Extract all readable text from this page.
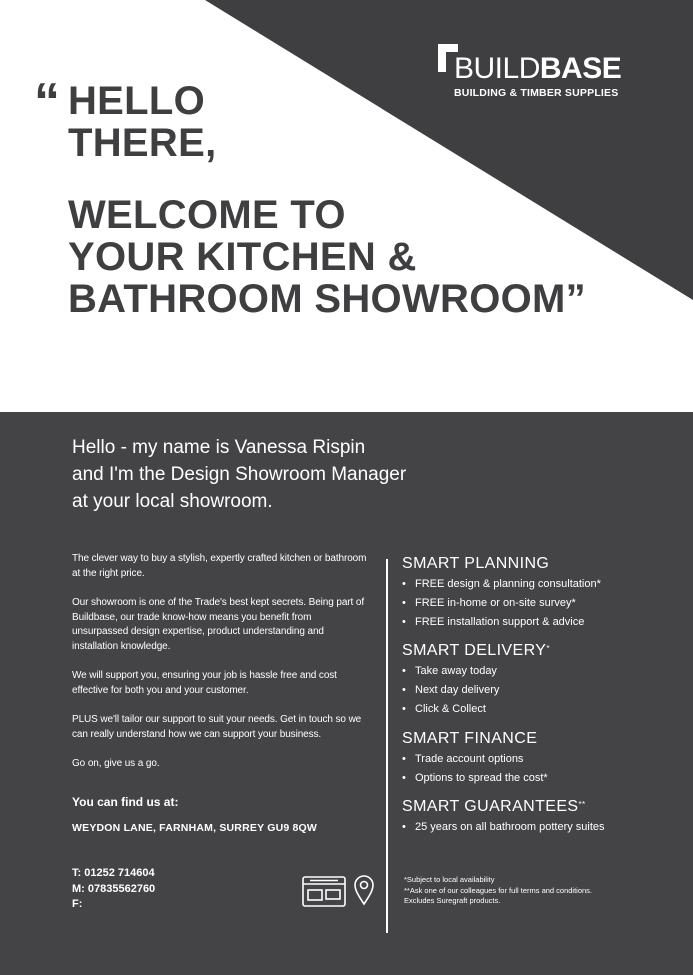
BUILDBASE
BUILDING & TIMBER SUPPLIES
“ HELLO
THERE,
WELCOME TO
YOUR KITCHEN &
BATHROOM SHOWROOM”
Hello - my name is Vanessa Rispin
and I'm the Design Showroom Manager
at your local showroom.

The clever way to buy a stylish, expertly crafted kitchen or bathroom at the right price.

Our showroom is one of the Trade's best kept secrets. Being part of Buildbase, our trade know-how means you benefit from unsurpassed design expertise, product understanding and installation knowledge.

We will support you, ensuring your job is hassle free and cost effective for both you and your customer.

PLUS we'll tailor our support to suit your needs. Get in touch so we can really understand how we can support your business.

Go on, give us a go.

You can find us at:
WEYDON LANE, FARNHAM, SURREY GU9 8QW
T: 01252 714604
M: 07835562760
F:
SMART PLANNING
• FREE design & planning consultation*
• FREE in-home or on-site survey*
• FREE installation support & advice
SMART DELIVERY*
• Take away today
• Next day delivery
• Click & Collect
SMART FINANCE
• Trade account options
• Options to spread the cost*
SMART GUARANTEES**
• 25 years on all bathroom pottery suites
*Subject to local availability
**Ask one of our colleagues for full terms and conditions.
Excludes Suregraft products.
